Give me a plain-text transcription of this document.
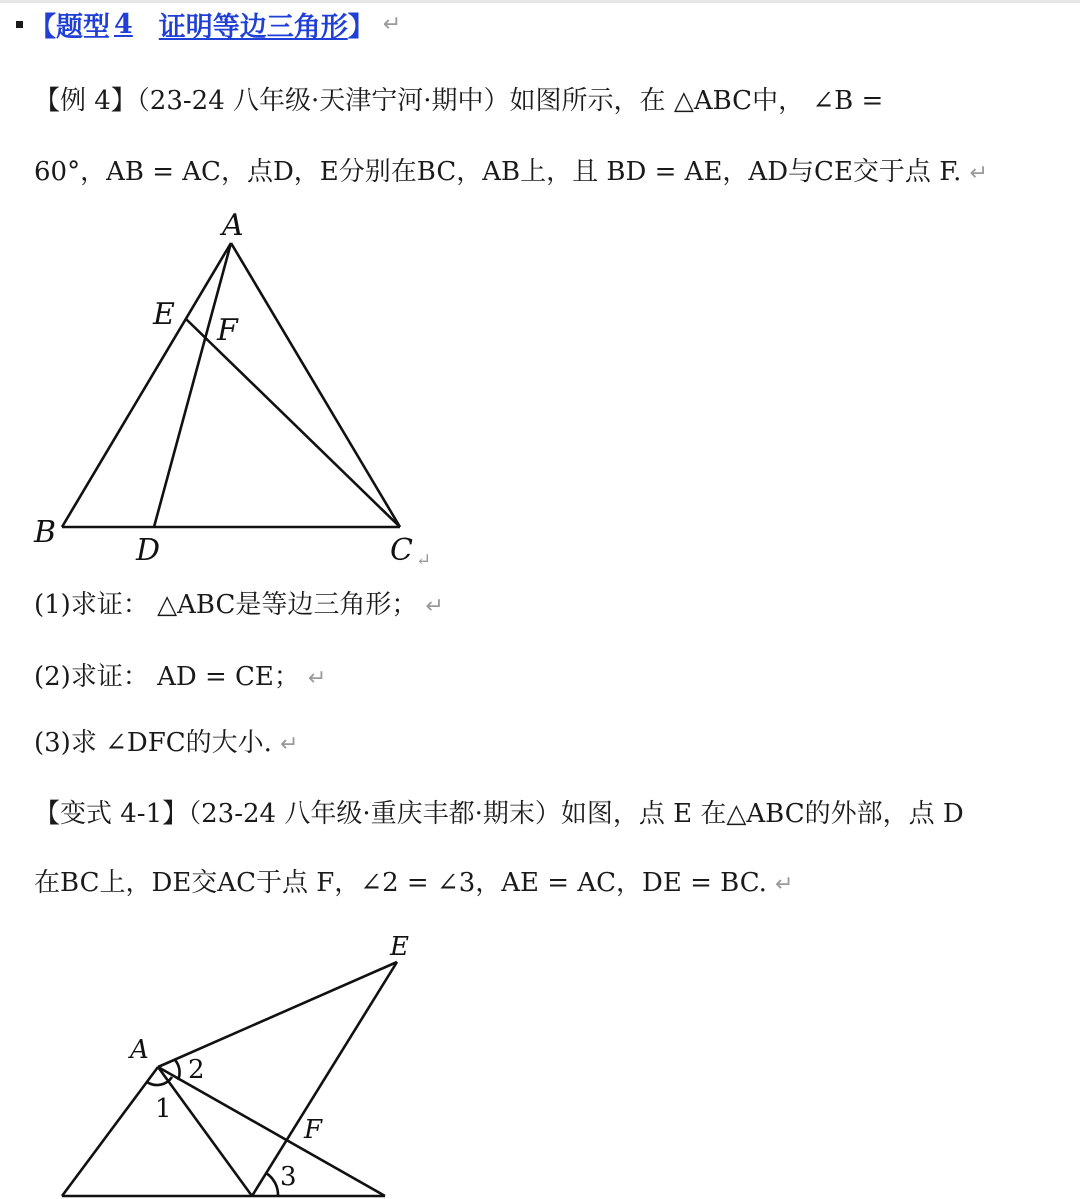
【 题型 4 证明等边三角形 】 ↵
【例 4】（23-24 八年级·天津宁河·期中）如图所示，在 △ABC中， ∠B =
60°，AB = AC，点D，E分别在BC，AB上，且 BD = AE，AD与CE交于点 F. ↵
(1)求证： △ABC是等边三角形； ↵
(2)求证： AD = CE； ↵
(3)求 ∠DFC的大小. ↵
【变式 4-1】（23-24 八年级·重庆丰都·期末）如图，点 E 在△ABC的外部，点 D
在BC上，DE交AC于点 F，∠2 = ∠3，AE = AC，DE = BC. ↵
A
E F
B
D	C ↵
E
A
2
1
F
3
